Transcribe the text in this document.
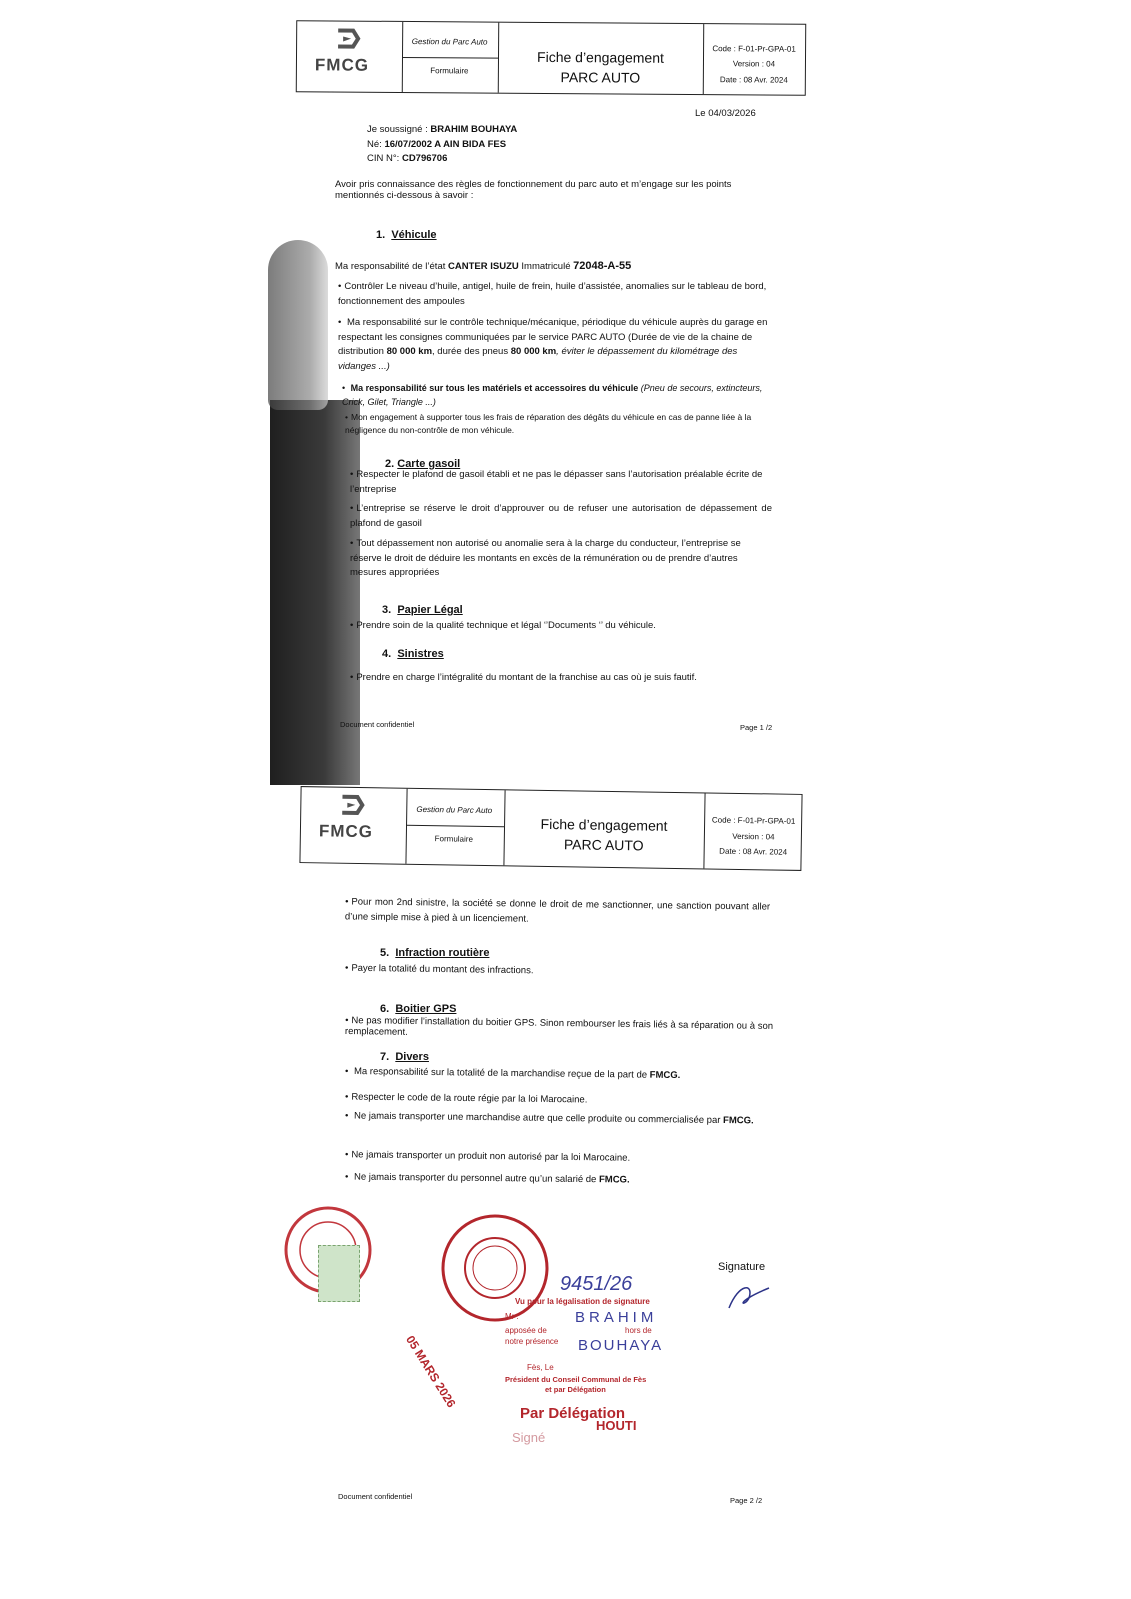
FMCG
Gestion du Parc Auto
Formulaire
Fiche d’engagement
PARC AUTO
Code : F-01-Pr-GPA-01
Version : 04
Date : 08 Avr. 2024
Le 04/03/2026
Je soussigné : BRAHIM BOUHAYA
Né: 16/07/2002 A AIN BIDA FES
CIN N°: CD796706
Avoir pris connaissance des règles de fonctionnement du parc auto et m’engage sur les points mentionnés ci-dessous à savoir :
1. Véhicule
Ma responsabilité de l’état CANTER ISUZU Immatriculé 72048-A-55
• Contrôler Le niveau d’huile, antigel, huile de frein, huile d’assistée, anomalies sur le tableau de bord, fonctionnement des ampoules
• Ma responsabilité sur le contrôle technique/mécanique, périodique du véhicule auprès du garage en respectant les consignes communiquées par le service PARC AUTO (Durée de vie de la chaine de distribution 80 000 km, durée des pneus 80 000 km, éviter le dépassement du kilométrage des vidanges ...)
• Ma responsabilité sur tous les matériels et accessoires du véhicule (Pneu de secours, extincteurs, Crick, Gilet, Triangle ...)
• Mon engagement à supporter tous les frais de réparation des dégâts du véhicule en cas de panne liée à la négligence du non-contrôle de mon véhicule.
2. Carte gasoil
• Respecter le plafond de gasoil établi et ne pas le dépasser sans l’autorisation préalable écrite de l’entreprise
• L’entreprise se réserve le droit d’approuver ou de refuser une autorisation de dépassement de plafond de gasoil
• Tout dépassement non autorisé ou anomalie sera à la charge du conducteur, l’entreprise se réserve le droit de déduire les montants en excès de la rémunération ou de prendre d’autres mesures appropriées
3. Papier Légal
• Prendre soin de la qualité technique et légal ‘’Documents ‘’ du véhicule.
4. Sinistres
• Prendre en charge l’intégralité du montant de la franchise au cas où je suis fautif.
Document confidentiel	Page 1 /2
FMCG
Gestion du Parc Auto
Formulaire
Fiche d’engagement
PARC AUTO
Code : F-01-Pr-GPA-01
Version : 04
Date : 08 Avr. 2024
• Pour mon 2nd sinistre, la société se donne le droit de me sanctionner, une sanction pouvant aller d’une simple mise à pied à un licenciement.
5. Infraction routière
• Payer la totalité du montant des infractions.
6. Boitier GPS
• Ne pas modifier l’installation du boitier GPS. Sinon rembourser les frais liés à sa réparation ou à son remplacement.
7. Divers
• Ma responsabilité sur la totalité de la marchandise reçue de la part de FMCG.
• Respecter le code de la route régie par la loi Marocaine.
• Ne jamais transporter une marchandise autre que celle produite ou commercialisée par FMCG.
• Ne jamais transporter un produit non autorisé par la loi Marocaine.
• Ne jamais transporter du personnel autre qu’un salarié de FMCG.
05 MARS 2026
9451/26
Vu pour la légalisation de signature
Mr :	BRAHIM
apposée de	hors de
notre présence BOUHAYA
Fès, Le
Président du Conseil Communal de Fès
et par Délégation
Par Délégation
Signé
HOUTI
Signature
Document confidentiel	Page 2 /2
